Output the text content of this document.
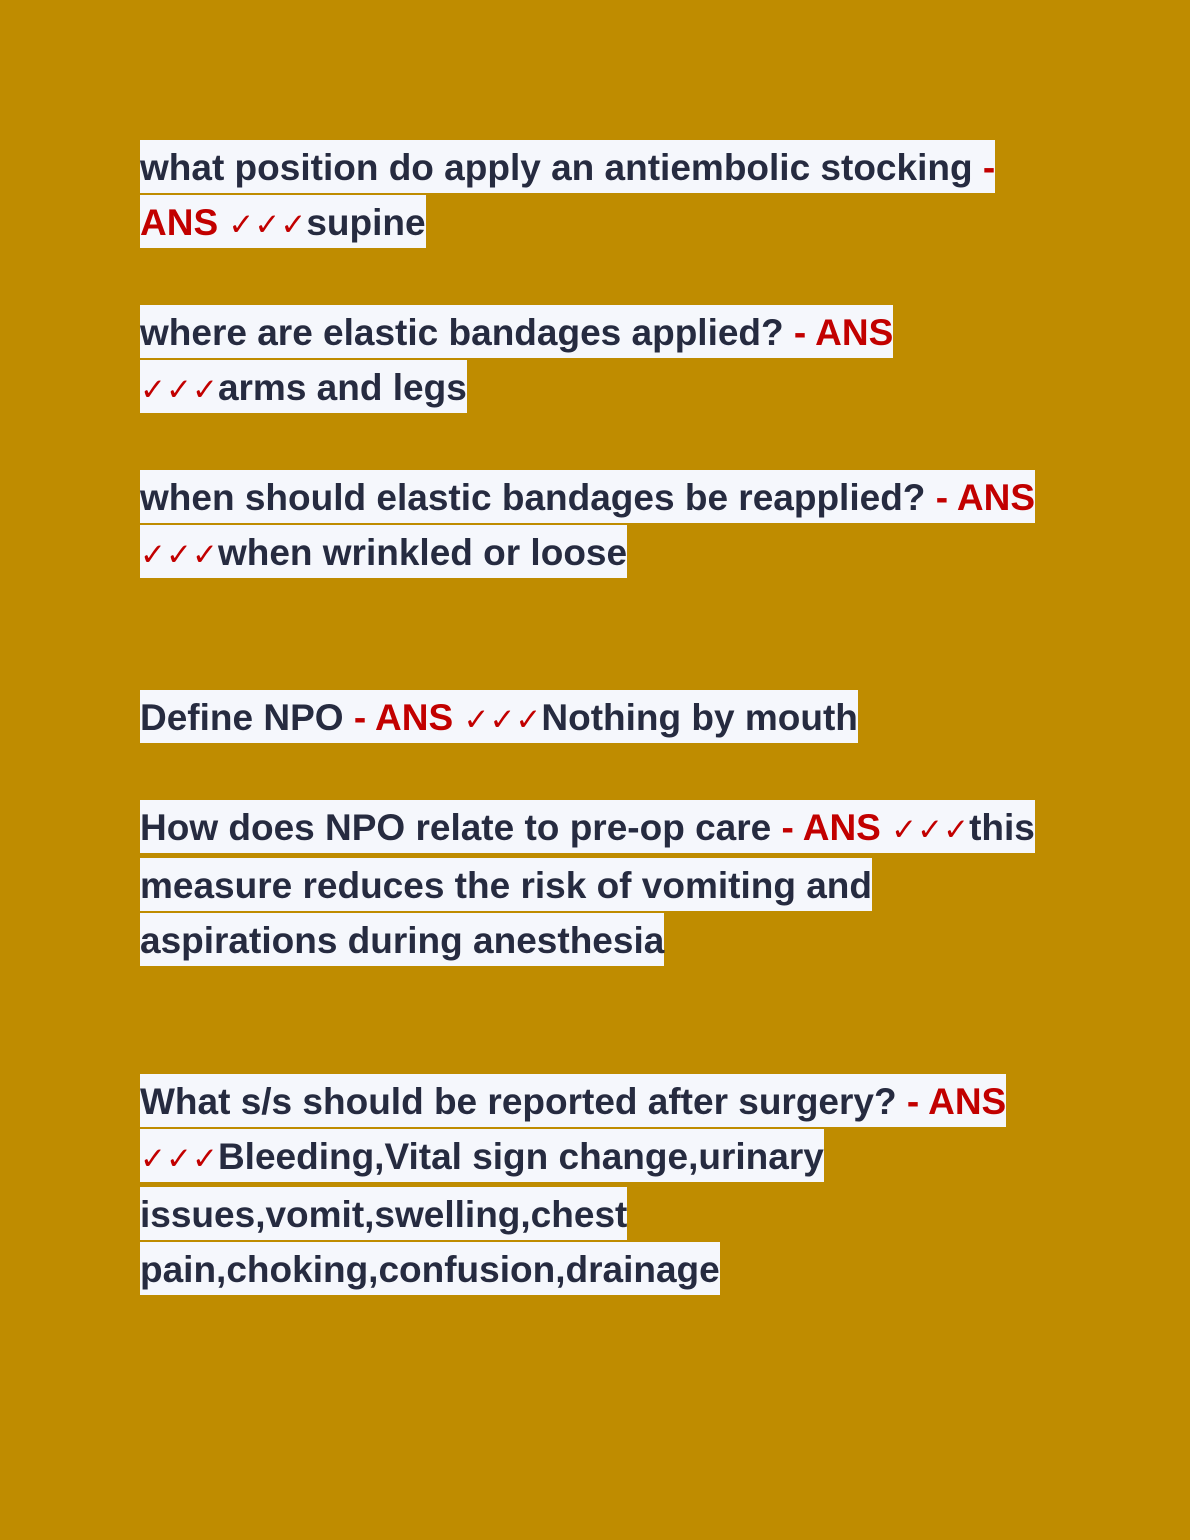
what position do apply an antiembolic stocking - ANS ✓✓✓supine

where are elastic bandages applied? - ANS ✓✓✓arms and legs

when should elastic bandages be reapplied? - ANS ✓✓✓when wrinkled or loose

Define NPO - ANS ✓✓✓Nothing by mouth

How does NPO relate to pre-op care - ANS ✓✓✓this measure reduces the risk of vomiting and aspirations during anesthesia

What s/s should be reported after surgery? - ANS ✓✓✓Bleeding,Vital sign change,urinary issues,vomit,swelling,chest pain,choking,confusion,drainage
